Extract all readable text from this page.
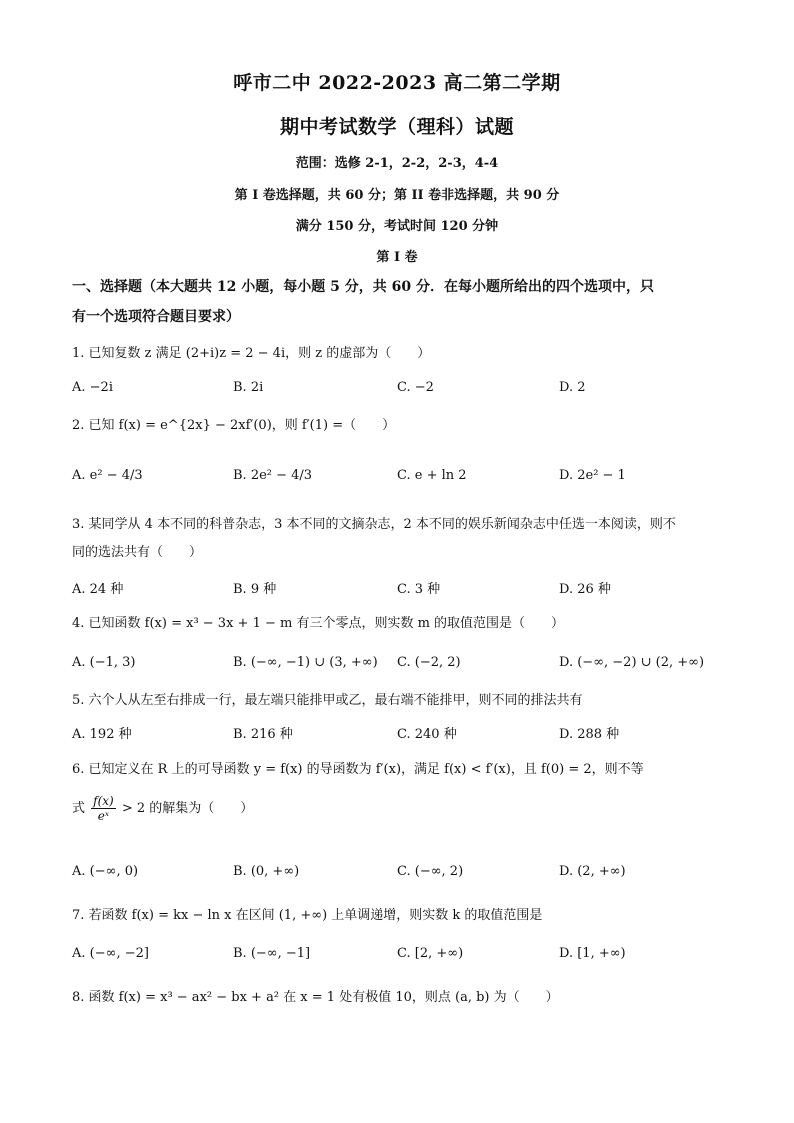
呼市二中 2022-2023 高二第二学期
期中考试数学（理科）试题
范围：选修 2-1，2-2，2-3，4-4
第 I 卷选择题，共 60 分；第 II 卷非选择题，共 90 分
满分 150 分，考试时间 120 分钟
第 I 卷
一、选择题（本大题共 12 小题，每小题 5 分，共 60 分．在每小题所给出的四个选项中，只
有一个选项符合题目要求）
1. 已知复数 z 满足 (2+i)z = 2 − 4i，则 z 的虚部为（　　）
A. −2i	B. 2i	C. −2	D. 2
2. 已知 f(x) = e^{2x} − 2xf′(0)，则 f′(1) =（　　）
A. e² − 4/3	B. 2e² − 4/3	C. e + ln 2	D. 2e² − 1
3. 某同学从 4 本不同的科普杂志，3 本不同的文摘杂志，2 本不同的娱乐新闻杂志中任选一本阅读，则不
同的选法共有（　　）
A. 24 种	B. 9 种	C. 3 种	D. 26 种
4. 已知函数 f(x) = x³ − 3x + 1 − m 有三个零点，则实数 m 的取值范围是（　　）
A. (−1, 3)	B. (−∞, −1) ∪ (3, +∞) C. (−2, 2)	D. (−∞, −2) ∪ (2, +∞)
5. 六个人从左至右排成一行，最左端只能排甲或乙，最右端不能排甲，则不同的排法共有
A. 192 种	B. 216 种	C. 240 种	D. 288 种
6. 已知定义在 R 上的可导函数 y = f(x) 的导函数为 f′(x)，满足 f(x) < f′(x)，且 f(0) = 2，则不等
式 $\frac{f(x)}{\text{eˣ}} > 2$ 的解集为（　　）
A. (−∞, 0)	B. (0, +∞)	C. (−∞, 2)	D. (2, +∞)
7. 若函数 f(x) = kx − ln x 在区间 (1, +∞) 上单调递增，则实数 k 的取值范围是
A. (−∞, −2]	B. (−∞, −1]	C. [2, +∞)	D. [1, +∞)
8. 函数 f(x) = x³ − ax² − bx + a² 在 x = 1 处有极值 10，则点 (a, b) 为（　　）
